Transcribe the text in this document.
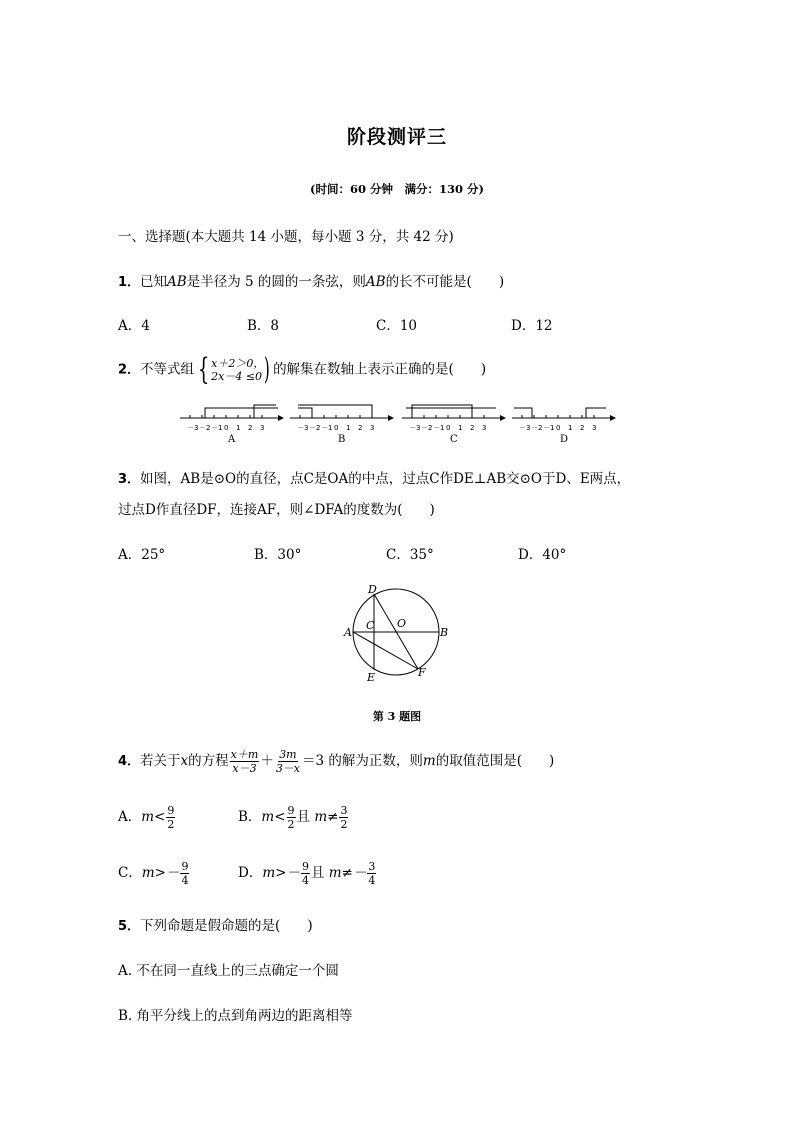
阶段测评三
(时间：60 分钟　满分：130 分)
一、选择题(本大题共 14 小题，每小题 3 分，共 42 分)
1．已知AB是半径为 5 的圆的一条弦，则AB的长不可能是(　　)
A．4	B．8	C．10	D．12
2．不等式组 { x＋2＞0，
2x－4 ≤0 ) 的解集在数轴上表示正确的是(　　)
－3 －2 －1 0 1 2 3
A
－3 －2 －1 0 1 2 3
B
－3 －2 －1 0 1 2 3
C
－3 －2 －1 0 1 2 3
D
3．如图，AB是⊙O的直径，点C是OA的中点，过点C作DE⊥AB交⊙O于D、E两点，
过点D作直径DF，连接AF，则∠DFA的度数为(　　)
A．25°	B．30°	C．35°	D．40°
D
A
C O
B
E	F
第 3 题图
4．若关于x的方程 $\frac{x+m}{x-3} + \frac{3m}{3-x} =3$ 的解为正数，则m的取值范围是(　　)
A．$m< \frac{9}{2}$	B．$m< \frac{9}{2}$ 且 $m\ne \frac{3}{2}$
C．$m>- \frac{9}{4}$	D．$m>- \frac{9}{4}$ 且 $m\ne- \frac{3}{4}$
5．下列命题是假命题的是(　　)
A. 不在同一直线上的三点确定一个圆
B. 角平分线上的点到角两边的距离相等
